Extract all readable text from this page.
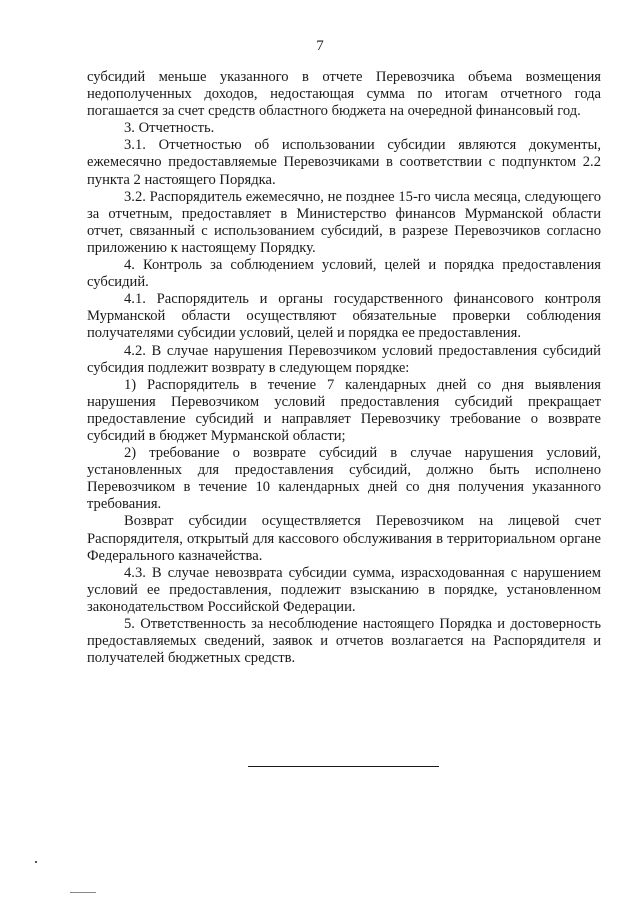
7

субсидий меньше указанного в отчете Перевозчика объема возмещения недополученных доходов, недостающая сумма по итогам отчетного года погашается за счет средств областного бюджета на очередной финансовый год.

3. Отчетность.

3.1. Отчетностью об использовании субсидии являются документы, ежемесячно предоставляемые Перевозчиками в соответствии с подпунктом 2.2 пункта 2 настоящего Порядка.

3.2. Распорядитель ежемесячно, не позднее 15-го числа месяца, следующего за отчетным, предоставляет в Министерство финансов Мурманской области отчет, связанный с использованием субсидий, в разрезе Перевозчиков согласно приложению к настоящему Порядку.

4. Контроль за соблюдением условий, целей и порядка предоставления субсидий.

4.1. Распорядитель и органы государственного финансового контроля Мурманской области осуществляют обязательные проверки соблюдения получателями субсидии условий, целей и порядка ее предоставления.

4.2. В случае нарушения Перевозчиком условий предоставления субсидий субсидия подлежит возврату в следующем порядке:

1) Распорядитель в течение 7 календарных дней со дня выявления нарушения Перевозчиком условий предоставления субсидий прекращает предоставление субсидий и направляет Перевозчику требование о возврате субсидий в бюджет Мурманской области;

2) требование о возврате субсидий в случае нарушения условий, установленных для предоставления субсидий, должно быть исполнено Перевозчиком в течение 10 календарных дней со дня получения указанного требования.

Возврат субсидии осуществляется Перевозчиком на лицевой счет Распорядителя, открытый для кассового обслуживания в территориальном органе Федерального казначейства.

4.3. В случае невозврата субсидии сумма, израсходованная с нарушением условий ее предоставления, подлежит взысканию в порядке, установленном законодательством Российской Федерации.

5. Ответственность за несоблюдение настоящего Порядка и достоверность предоставляемых сведений, заявок и отчетов возлагается на Распорядителя и получателей бюджетных средств.
